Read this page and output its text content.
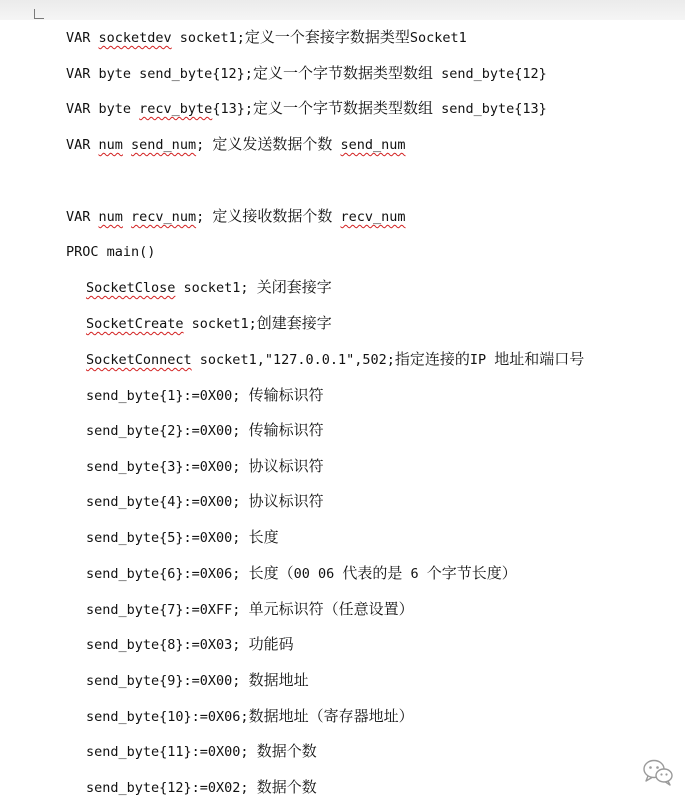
VAR socketdev socket1;定义一个套接字数据类型Socket1
VAR byte send_byte{12};定义一个字节数据类型数组 send_byte{12}
VAR byte recv_byte{13};定义一个字节数据类型数组 send_byte{13}
VAR num send_num; 定义发送数据个数 send_num
VAR num recv_num; 定义接收数据个数 recv_num
PROC main()
SocketClose socket1; 关闭套接字
SocketCreate socket1;创建套接字
SocketConnect socket1,"127.0.0.1",502;指定连接的IP 地址和端口号
send_byte{1}:=0X00; 传输标识符
send_byte{2}:=0X00; 传输标识符
send_byte{3}:=0X00; 协议标识符
send_byte{4}:=0X00; 协议标识符
send_byte{5}:=0X00; 长度
send_byte{6}:=0X06; 长度（00 06 代表的是 6 个字节长度）
send_byte{7}:=0XFF; 单元标识符（任意设置）
send_byte{8}:=0X03; 功能码
send_byte{9}:=0X00; 数据地址
send_byte{10}:=0X06;数据地址（寄存器地址）
send_byte{11}:=0X00; 数据个数
send_byte{12}:=0X02; 数据个数
